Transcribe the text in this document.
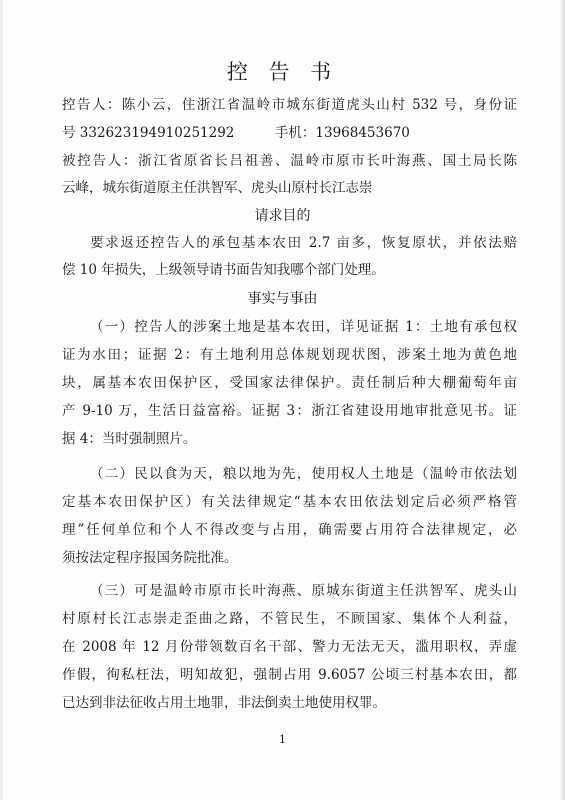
控 告 书
控告人：陈小云，住浙江省温岭市城东街道虎头山村 532 号，身份证
号 332623194910251292　　　手机：13968453670
被控告人：浙江省原省长吕祖善、温岭市原市长叶海燕、国土局长陈
云峰，城东街道原主任洪智军、虎头山原村长江志崇
请求目的
要求返还控告人的承包基本农田 2.7 亩多，恢复原状，并依法赔
偿 10 年损失，上级领导请书面告知我哪个部门处理。
事实与事由
（一）控告人的涉案土地是基本农田，详见证据 1：土地有承包权
证为水田；证据 2：有土地利用总体规划现状图，涉案土地为黄色地
块，属基本农田保护区，受国家法律保护。责任制后种大棚葡萄年亩
产 9-10 万，生活日益富裕。证据 3：浙江省建设用地审批意见书。证
据 4：当时强制照片。
（二）民以食为天，粮以地为先，使用权人土地是（温岭市依法划
定基本农田保护区）有关法律规定“基本农田依法划定后必须严格管
理”任何单位和个人不得改变与占用，确需要占用符合法律规定，必
须按法定程序报国务院批准。
（三）可是温岭市原市长叶海燕、原城东街道主任洪智军、虎头山
村原村长江志崇走歪曲之路，不管民生，不顾国家、集体个人利益，
在 2008 年 12 月份带领数百名干部、警力无法无天，滥用职权，弄虚
作假，徇私枉法，明知故犯，强制占用 9.6057 公顷三村基本农田，都
已达到非法征收占用土地罪，非法倒卖土地使用权罪。
1
